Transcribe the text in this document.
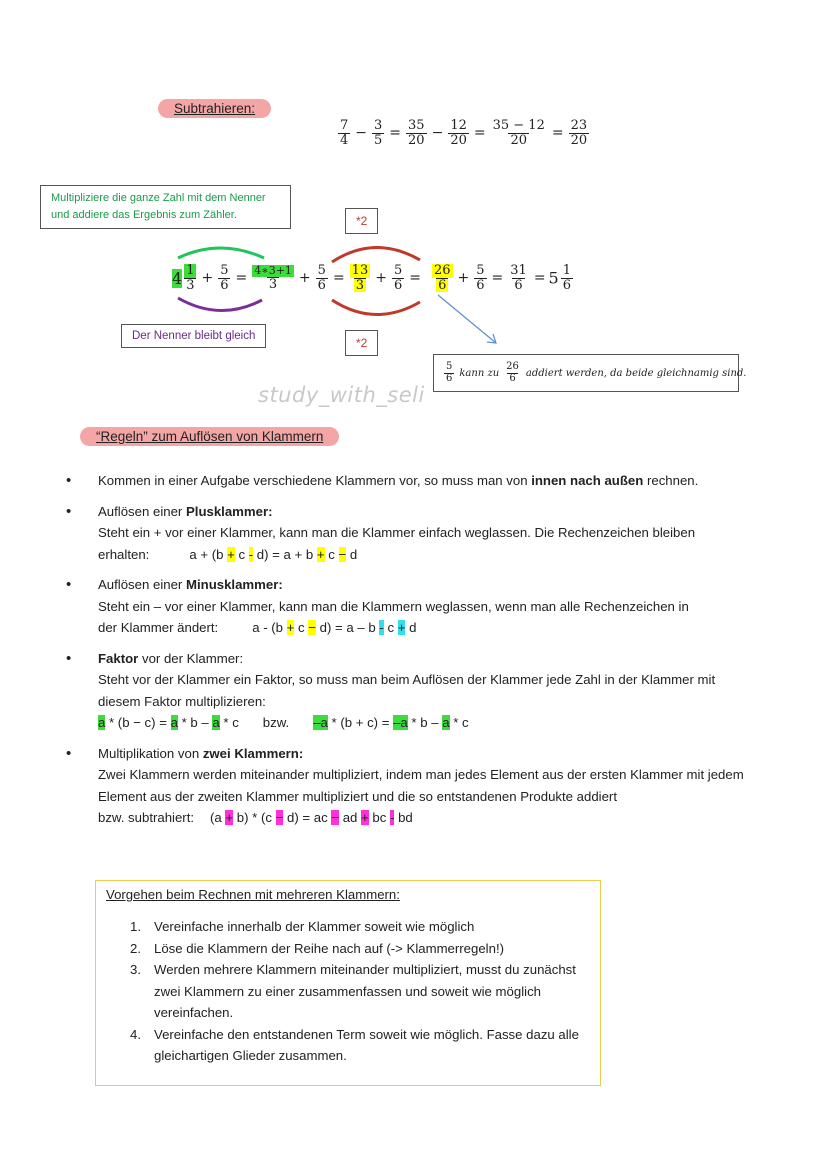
Subtrahieren:
$\frac{7}{4} - \frac{3}{5} = \frac{35}{20} - \frac{12}{20} = \frac{35 - 12}{20} = \frac{23}{20}$
Multipliziere die ganze Zahl mit dem Nenner und addiere das Ergebnis zum Zähler.	*2
*2
$4 \frac{1}{3} + \frac{5}{6} = \frac{4∗3+1}{3} + \frac{5}{6} = \frac{13}{3} + \frac{5}{6} = \frac{26}{6} + \frac{5}{6} = \frac{31}{6} = 5 \frac{1}{6}$
Der Nenner bleibt gleich
$\frac{5}{6}$ kann zu $\frac{26}{6}$ addiert werden, da beide gleichnamig sind.
study_with_seli
“Regeln” zum Auflösen von Klammern
• Kommen in einer Aufgabe verschiedene Klammern vor, so muss man von innen nach außen rechnen.
• Auflösen einer Plusklammer:
Steht ein + vor einer Klammer, kann man die Klammer einfach weglassen. Die Rechenzeichen bleiben
erhalten:	a + (b + c - d) = a + b + c − d
• Auflösen einer Minusklammer:
Steht ein – vor einer Klammer, kann man die Klammern weglassen, wenn man alle Rechenzeichen in
der Klammer ändert:	a - (b + c − d) = a – b - c + d
• Faktor vor der Klammer:
Steht vor der Klammer ein Faktor, so muss man beim Auflösen der Klammer jede Zahl in der Klammer mit diesem Faktor multiplizieren:
a * (b − c) = a * b – a * c bzw. –a * (b + c) = –a * b – a * c
• Multiplikation von zwei Klammern:
Zwei Klammern werden miteinander multipliziert, indem man jedes Element aus der ersten Klammer mit jedem Element aus der zweiten Klammer multipliziert und die so entstandenen Produkte addiert
bzw. subtrahiert: (a + b) * (c − d) = ac − ad + bc - bd
Vorgehen beim Rechnen mit mehreren Klammern:
1. Vereinfache innerhalb der Klammer soweit wie möglich
2. Löse die Klammern der Reihe nach auf (-> Klammerregeln!)
3. Werden mehrere Klammern miteinander multipliziert, musst du zunächst zwei Klammern zu einer zusammenfassen und soweit wie möglich vereinfachen.
4. Vereinfache den entstandenen Term soweit wie möglich. Fasse dazu alle gleichartigen Glieder zusammen.
